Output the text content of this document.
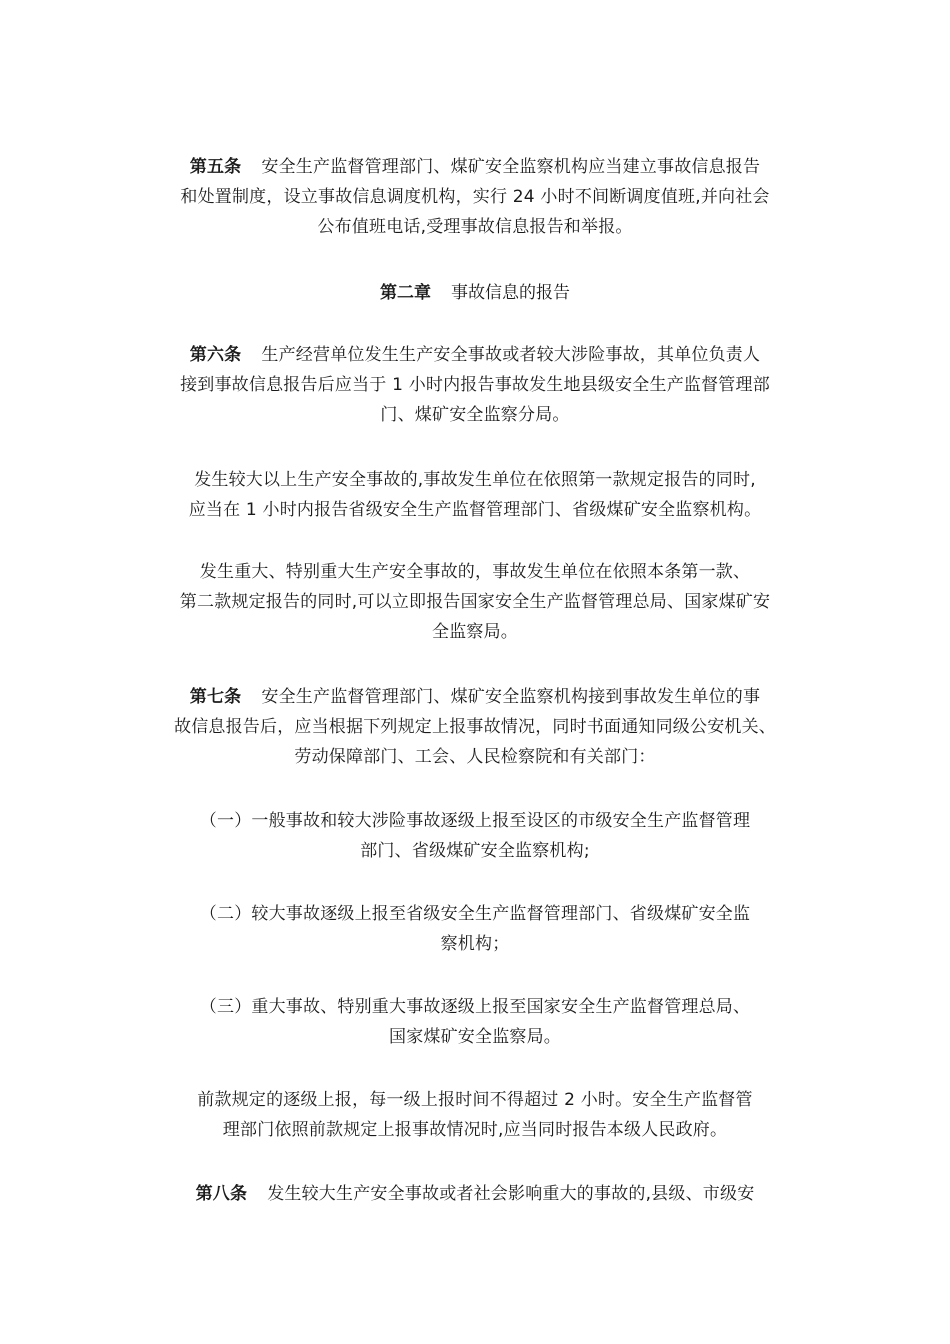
第五条 安全生产监督管理部门、煤矿安全监察机构应当建立事故信息报告
和处置制度，设立事故信息调度机构，实行 24 小时不间断调度值班,并向社会
公布值班电话,受理事故信息报告和举报。
第二章 事故信息的报告
第六条 生产经营单位发生生产安全事故或者较大涉险事故，其单位负责人
接到事故信息报告后应当于 1 小时内报告事故发生地县级安全生产监督管理部
门、煤矿安全监察分局。
发生较大以上生产安全事故的,事故发生单位在依照第一款规定报告的同时,
应当在 1 小时内报告省级安全生产监督管理部门、省级煤矿安全监察机构。
发生重大、特别重大生产安全事故的，事故发生单位在依照本条第一款、
第二款规定报告的同时,可以立即报告国家安全生产监督管理总局、国家煤矿安
全监察局。
第七条 安全生产监督管理部门、煤矿安全监察机构接到事故发生单位的事
故信息报告后，应当根据下列规定上报事故情况，同时书面通知同级公安机关、
劳动保障部门、工会、人民检察院和有关部门：
（一）一般事故和较大涉险事故逐级上报至设区的市级安全生产监督管理
部门、省级煤矿安全监察机构;
（二）较大事故逐级上报至省级安全生产监督管理部门、省级煤矿安全监
察机构；
（三）重大事故、特别重大事故逐级上报至国家安全生产监督管理总局、
国家煤矿安全监察局。
前款规定的逐级上报，每一级上报时间不得超过 2 小时。安全生产监督管
理部门依照前款规定上报事故情况时,应当同时报告本级人民政府。
第八条 发生较大生产安全事故或者社会影响重大的事故的,县级、市级安
